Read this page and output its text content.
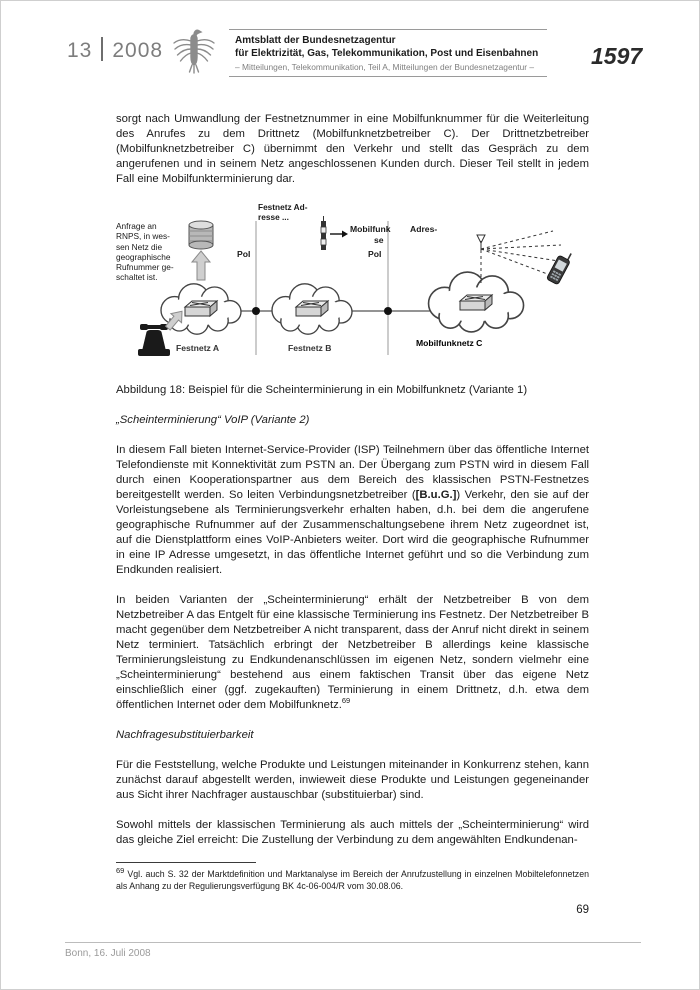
13 2008	Amtsblatt der Bundesnetzagentur
für Elektrizität, Gas, Telekommunikation, Post und Eisenbahnen
– Mitteilungen, Telekommunikation, Teil A, Mitteilungen der Bundesnetzagentur –	1597

sorgt nach Umwandlung der Festnetznummer in eine Mobilfunknummer für die Weiterleitung des Anrufes zu dem Drittnetz (Mobilfunknetzbetreiber C). Der Drittnetzbetreiber (Mobilfunknetzbetreiber C) übernimmt den Verkehr und stellt das Gespräch zu dem angerufenen und in seinem Netz angeschlossenen Kunden durch. Dieser Teil stellt in jedem Fall eine Mobilfunkterminierung dar.

Anfrage an
RNPS, in wes-
sen Netz die
geographische
Rufnummer ge-
schaltet ist.
Festnetz Ad-
resse ...
Mobilfunk
se
Adres-
PoI	PoI
Festnetz A	Festnetz B	Mobilfunknetz C

Abbildung 18: Beispiel für die Scheinterminierung in ein Mobilfunknetz (Variante 1)

„Scheinterminierung“ VoIP (Variante 2)

In diesem Fall bieten Internet-Service-Provider (ISP) Teilnehmern über das öffentliche Internet Telefondienste mit Konnektivität zum PSTN an. Der Übergang zum PSTN wird in diesem Fall durch einen Kooperationspartner aus dem Bereich des klassischen PSTN-Festnetzes bereitgestellt werden. So leiten Verbindungsnetzbetreiber ([B.u.G.]) Verkehr, den sie auf der Vorleistungsebene als Terminierungsverkehr erhalten haben, d.h. bei dem die angerufene geographische Rufnummer auf der Zusammenschaltungsebene ihrem Netz zugeordnet ist, auf die Dienstplattform eines VoIP-Anbieters weiter. Dort wird die geographische Rufnummer in eine IP Adresse umgesetzt, in das öffentliche Internet geführt und so die Verbindung zum Endkunden realisiert.

In beiden Varianten der „Scheinterminierung“ erhält der Netzbetreiber B von dem Netzbetreiber A das Entgelt für eine klassische Terminierung ins Festnetz. Der Netzbetreiber B macht gegenüber dem Netzbetreiber A nicht transparent, dass der Anruf nicht direkt in seinem Netz terminiert. Tatsächlich erbringt der Netzbetreiber B allerdings keine klassische Terminierungsleistung zu Endkundenanschlüssen im eigenen Netz, sondern vielmehr eine „Scheinterminierung“ bestehend aus einem faktischen Transit über das eigene Netz einschließlich einer (ggf. zugekauften) Terminierung in einem Drittnetz, d.h. etwa dem öffentlichen Internet oder dem Mobilfunknetz.$^{69}$

Nachfragesubstituierbarkeit

Für die Feststellung, welche Produkte und Leistungen miteinander in Konkurrenz stehen, kann zunächst darauf abgestellt werden, inwieweit diese Produkte und Leistungen gegeneinander aus Sicht ihrer Nachfrager austauschbar (substituierbar) sind.

Sowohl mittels der klassischen Terminierung als auch mittels der „Scheinterminierung“ wird das gleiche Ziel erreicht: Die Zustellung der Verbindung zu dem angewählten Endkundenan-

$^{69}$ Vgl. auch S. 32 der Marktdefinition und Marktanalyse im Bereich der Anrufzustellung in einzelnen Mobiltelefonnetzen als Anhang zu der Regulierungsverfügung BK 4c-06-004/R vom 30.08.06.

69
Bonn, 16. Juli 2008
